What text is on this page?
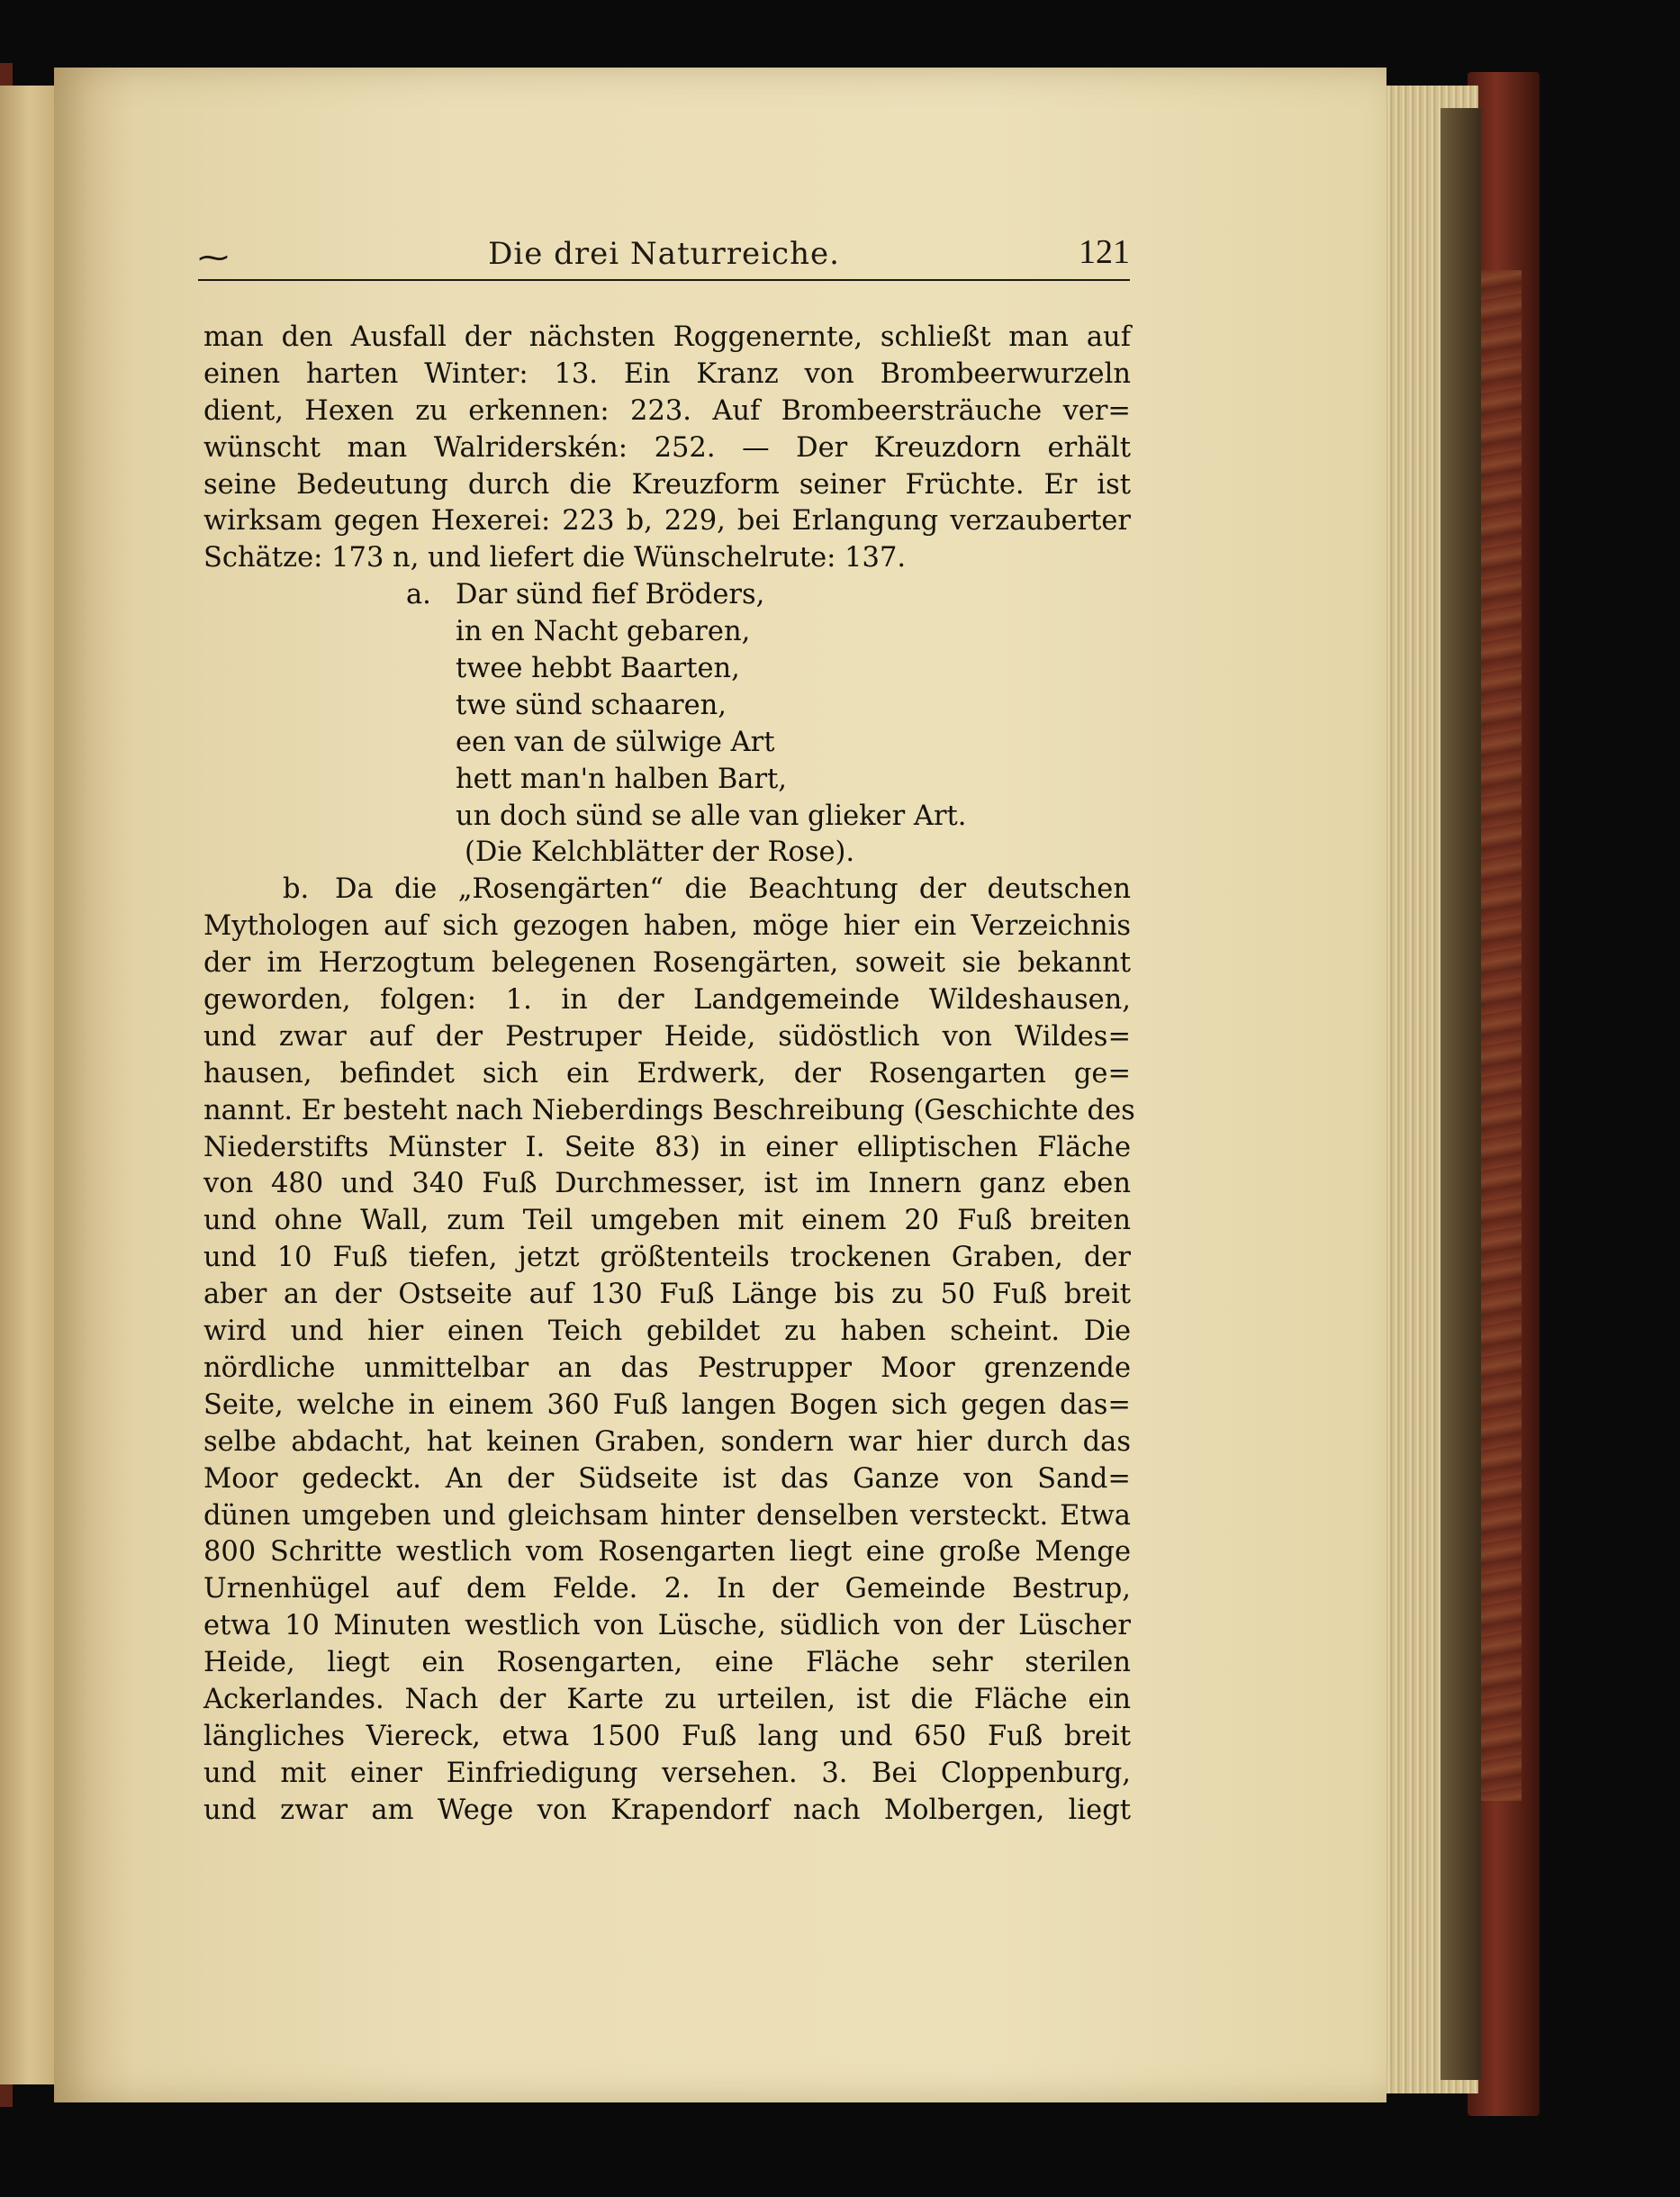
⁓	Die drei Naturreiche.	121
man den Ausfall der nächsten Roggenernte, schließt man auf
einen harten Winter: 13. Ein Kranz von Brombeerwurzeln
dient, Hexen zu erkennen: 223. Auf Brombeersträuche ver=
wünscht man Walriderskén: 252. — Der Kreuzdorn erhält
seine Bedeutung durch die Kreuzform seiner Früchte. Er ist
wirksam gegen Hexerei: 223 b, 229, bei Erlangung verzauberter
Schätze: 173 n, und liefert die Wünschelrute: 137.
a. Dar sünd fief Bröders,
in en Nacht gebaren,
twee hebbt Baarten,
twe sünd schaaren,
een van de sülwige Art
hett man'n halben Bart,
un doch sünd se alle van glieker Art.
(Die Kelchblätter der Rose).
b. Da die „Rosengärten“ die Beachtung der deutschen
Mythologen auf sich gezogen haben, möge hier ein Verzeichnis
der im Herzogtum belegenen Rosengärten, soweit sie bekannt
geworden, folgen: 1. in der Landgemeinde Wildeshausen,
und zwar auf der Pestruper Heide, südöstlich von Wildes=
hausen, befindet sich ein Erdwerk, der Rosengarten ge=
nannt. Er besteht nach Nieberdings Beschreibung (Geschichte des
Niederstifts Münster I. Seite 83) in einer elliptischen Fläche
von 480 und 340 Fuß Durchmesser, ist im Innern ganz eben
und ohne Wall, zum Teil umgeben mit einem 20 Fuß breiten
und 10 Fuß tiefen, jetzt größtenteils trockenen Graben, der
aber an der Ostseite auf 130 Fuß Länge bis zu 50 Fuß breit
wird und hier einen Teich gebildet zu haben scheint. Die
nördliche unmittelbar an das Pestrupper Moor grenzende
Seite, welche in einem 360 Fuß langen Bogen sich gegen das=
selbe abdacht, hat keinen Graben, sondern war hier durch das
Moor gedeckt. An der Südseite ist das Ganze von Sand=
dünen umgeben und gleichsam hinter denselben versteckt. Etwa
800 Schritte westlich vom Rosengarten liegt eine große Menge
Urnenhügel auf dem Felde. 2. In der Gemeinde Bestrup,
etwa 10 Minuten westlich von Lüsche, südlich von der Lüscher
Heide, liegt ein Rosengarten, eine Fläche sehr sterilen
Ackerlandes. Nach der Karte zu urteilen, ist die Fläche ein
längliches Viereck, etwa 1500 Fuß lang und 650 Fuß breit
und mit einer Einfriedigung versehen. 3. Bei Cloppenburg,
und zwar am Wege von Krapendorf nach Molbergen, liegt
